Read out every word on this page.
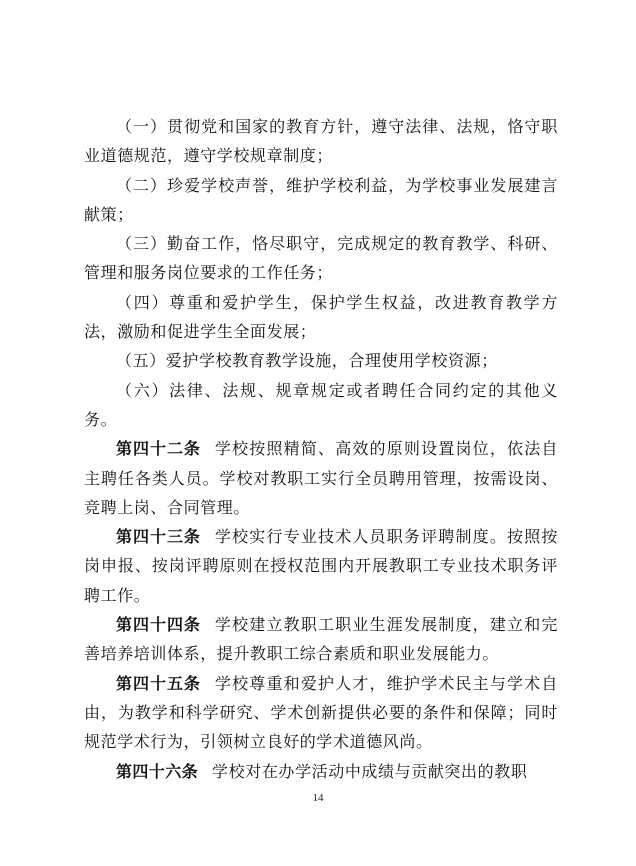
（一）贯彻党和国家的教育方针，遵守法律、法规，恪守职业道德规范，遵守学校规章制度；

（二）珍爱学校声誉，维护学校利益，为学校事业发展建言献策；

（三）勤奋工作，恪尽职守，完成规定的教育教学、科研、管理和服务岗位要求的工作任务；

（四）尊重和爱护学生，保护学生权益，改进教育教学方法，激励和促进学生全面发展；

（五）爱护学校教育教学设施，合理使用学校资源；

（六）法律、法规、规章规定或者聘任合同约定的其他义务。

第四十二条 学校按照精简、高效的原则设置岗位，依法自主聘任各类人员。学校对教职工实行全员聘用管理，按需设岗、竞聘上岗、合同管理。

第四十三条 学校实行专业技术人员职务评聘制度。按照按岗申报、按岗评聘原则在授权范围内开展教职工专业技术职务评聘工作。

第四十四条 学校建立教职工职业生涯发展制度，建立和完善培养培训体系，提升教职工综合素质和职业发展能力。

第四十五条 学校尊重和爱护人才，维护学术民主与学术自由，为教学和科学研究、学术创新提供必要的条件和保障；同时规范学术行为，引领树立良好的学术道德风尚。

第四十六条 学校对在办学活动中成绩与贡献突出的教职

14
